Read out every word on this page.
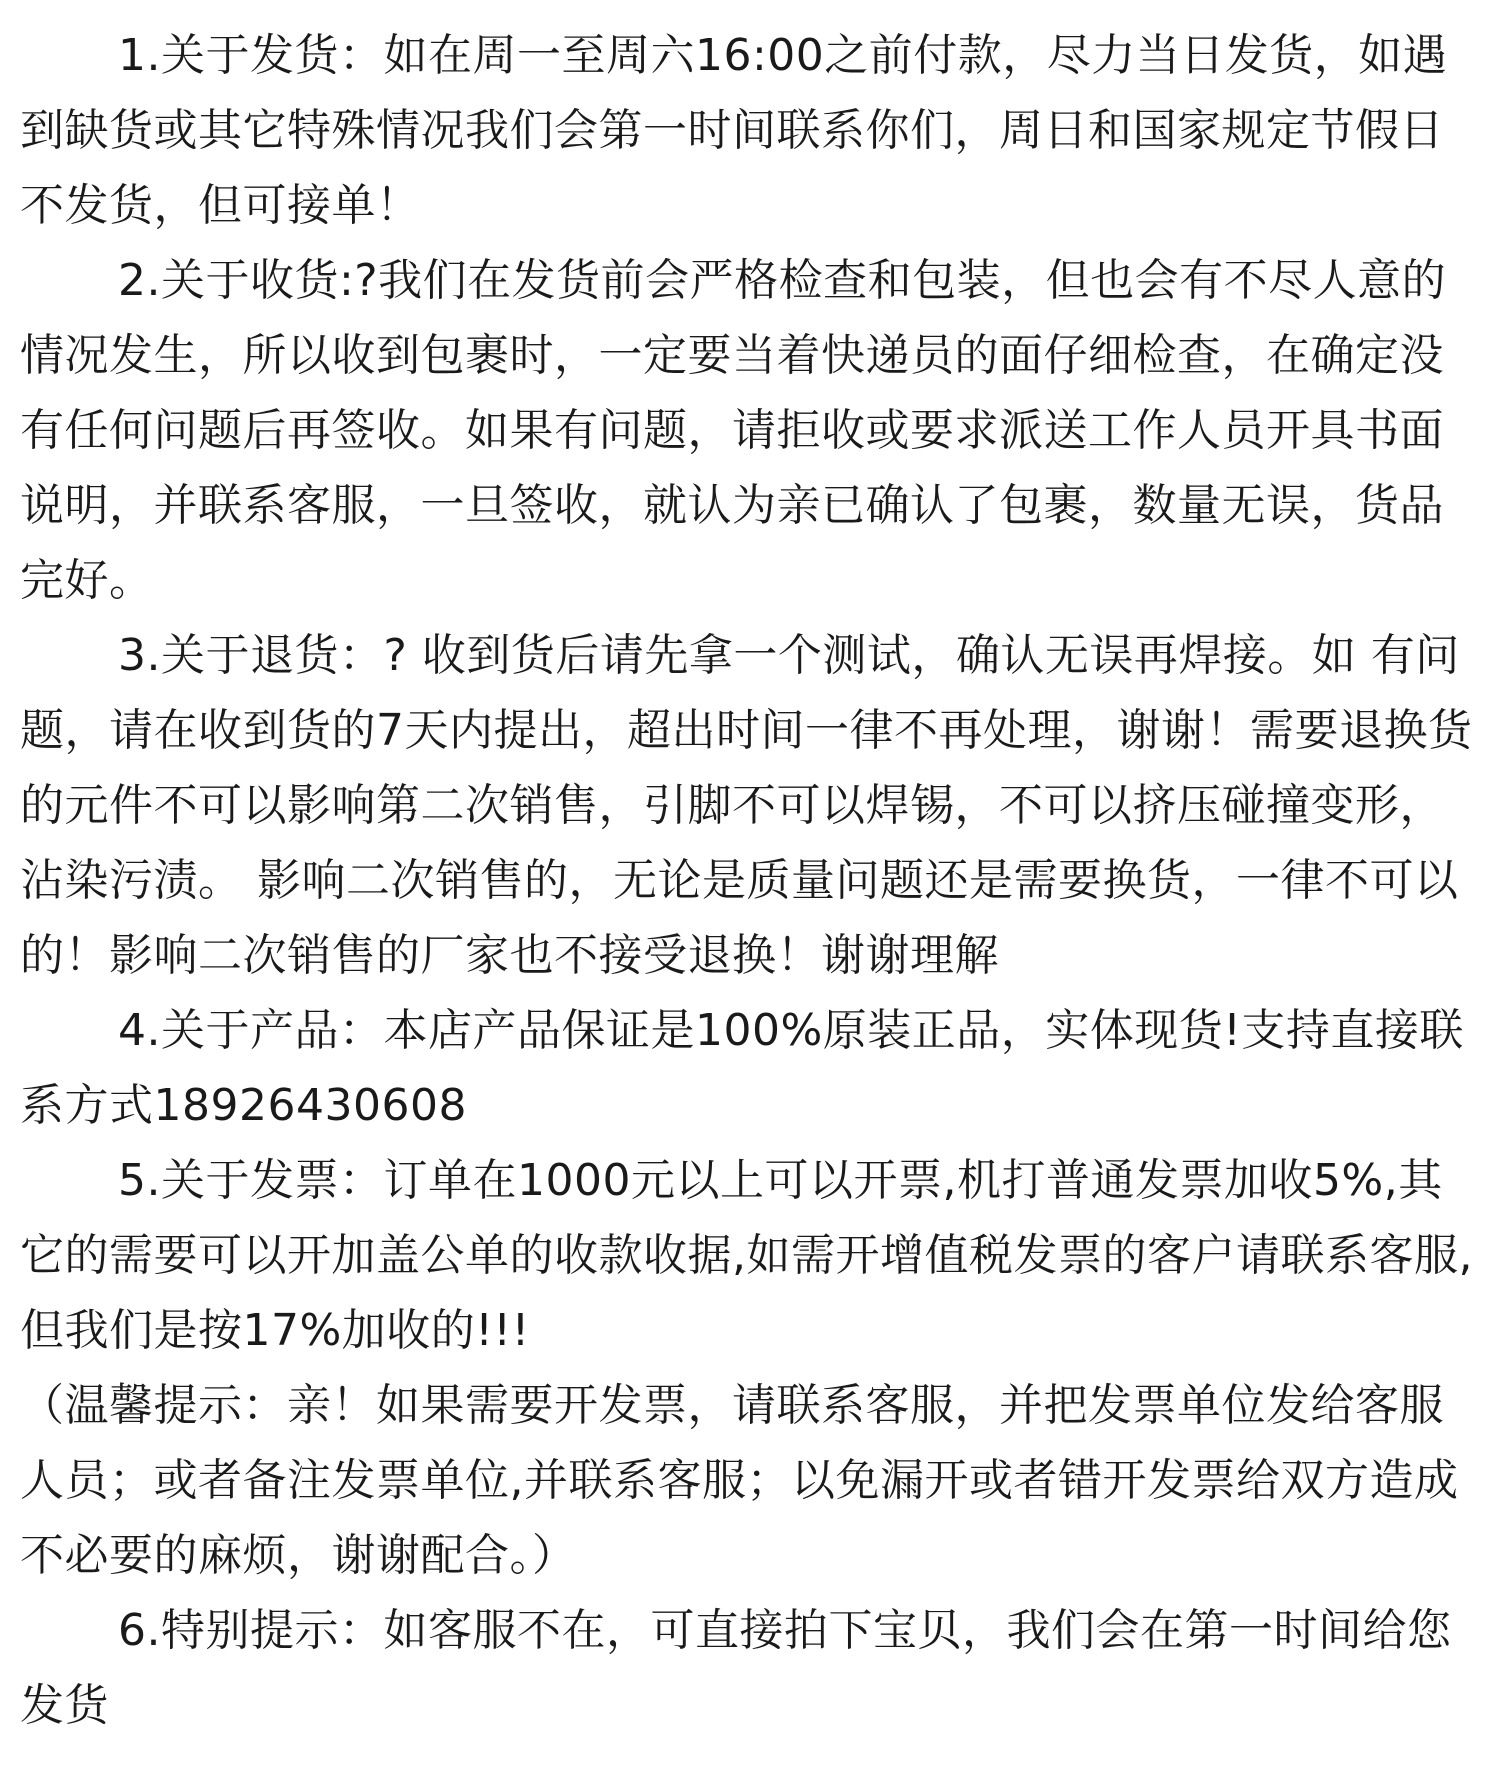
1.关于发货：如在周一至周六16:00之前付款，尽力当日发货，如遇到缺货或其它特殊情况我们会第一时间联系你们，周日和国家规定节假日不发货，但可接单！

2.关于收货:?我们在发货前会严格检查和包装，但也会有不尽人意的情况发生，所以收到包裹时，一定要当着快递员的面仔细检查，在确定没有任何问题后再签收。如果有问题，请拒收或要求派送工作人员开具书面说明，并联系客服，一旦签收，就认为亲已确认了包裹，数量无误，货品完好。

3.关于退货：? 收到货后请先拿一个测试，确认无误再焊接。如 有问题，请在收到货的7天内提出，超出时间一律不再处理，谢谢！需要退换货的元件不可以影响第二次销售，引脚不可以焊锡，不可以挤压碰撞变形，沾染污渍。 影响二次销售的，无论是质量问题还是需要换货，一律不可以的！影响二次销售的厂家也不接受退换！谢谢理解

4.关于产品：本店产品保证是100%原装正品，实体现货!支持直接联系方式18926430608

5.关于发票：订单在1000元以上可以开票,机打普通发票加收5%,其它的需要可以开加盖公单的收款收据,如需开增值税发票的客户请联系客服,但我们是按17%加收的!!!

（温馨提示：亲！如果需要开发票，请联系客服，并把发票单位发给客服人员；或者备注发票单位,并联系客服；以免漏开或者错开发票给双方造成不必要的麻烦，谢谢配合。）

6.特别提示：如客服不在，可直接拍下宝贝，我们会在第一时间给您发货
